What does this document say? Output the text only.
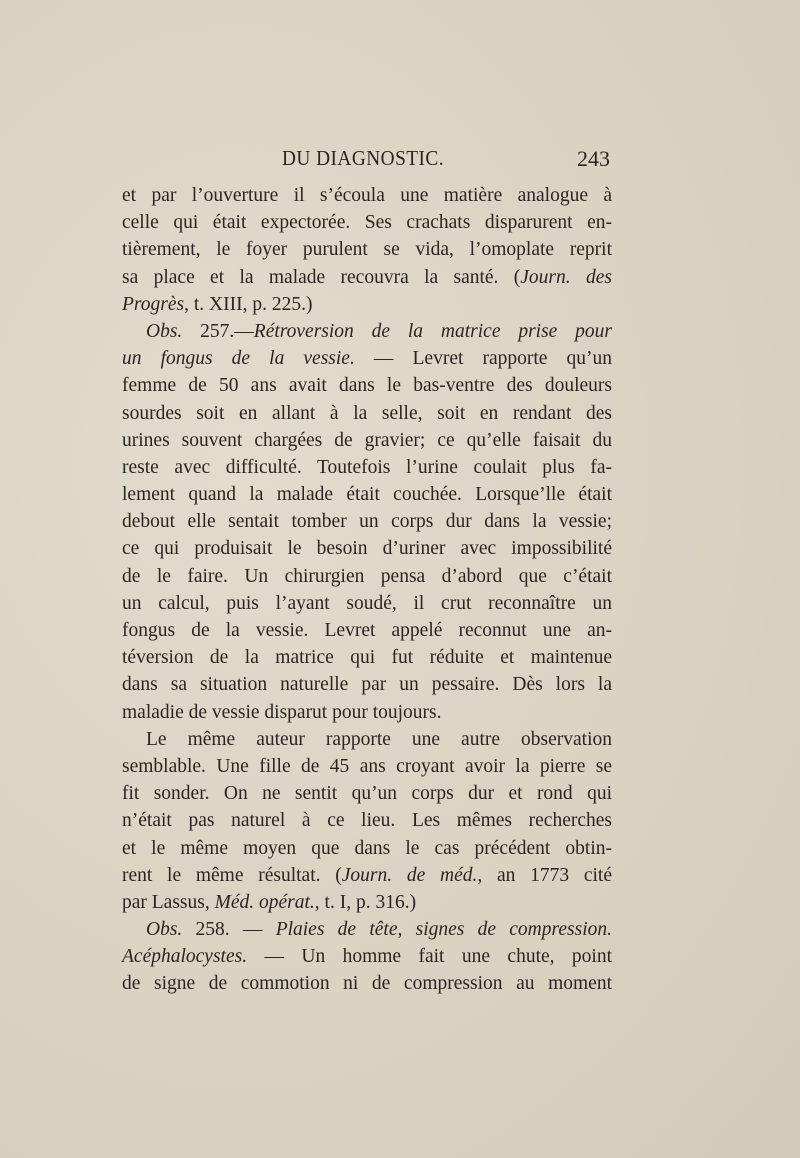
DU DIAGNOSTIC.	243
et par l’ouverture il s’écoula une matière analogue à
celle qui était expectorée. Ses crachats disparurent en-
tièrement, le foyer purulent se vida, l’omoplate reprit
sa place et la malade recouvra la santé. (Journ. des
Progrès, t. XIII, p. 225.)
Obs. 257.—Rétroversion de la matrice prise pour
un fongus de la vessie. — Levret rapporte qu’un
femme de 50 ans avait dans le bas-ventre des douleurs
sourdes soit en allant à la selle, soit en rendant des
urines souvent chargées de gravier; ce qu’elle faisait du
reste avec difficulté. Toutefois l’urine coulait plus fa-
lement quand la malade était couchée. Lorsque’lle était
debout elle sentait tomber un corps dur dans la vessie;
ce qui produisait le besoin d’uriner avec impossibilité
de le faire. Un chirurgien pensa d’abord que c’était
un calcul, puis l’ayant soudé, il crut reconnaître un
fongus de la vessie. Levret appelé reconnut une an-
téversion de la matrice qui fut réduite et maintenue
dans sa situation naturelle par un pessaire. Dès lors la
maladie de vessie disparut pour toujours.
Le même auteur rapporte une autre observation
semblable. Une fille de 45 ans croyant avoir la pierre se
fit sonder. On ne sentit qu’un corps dur et rond qui
n’était pas naturel à ce lieu. Les mêmes recherches
et le même moyen que dans le cas précédent obtin-
rent le même résultat. (Journ. de méd., an 1773 cité
par Lassus, Méd. opérat., t. I, p. 316.)
Obs. 258. — Plaies de tête, signes de compression.
Acéphalocystes. — Un homme fait une chute, point
de signe de commotion ni de compression au moment
